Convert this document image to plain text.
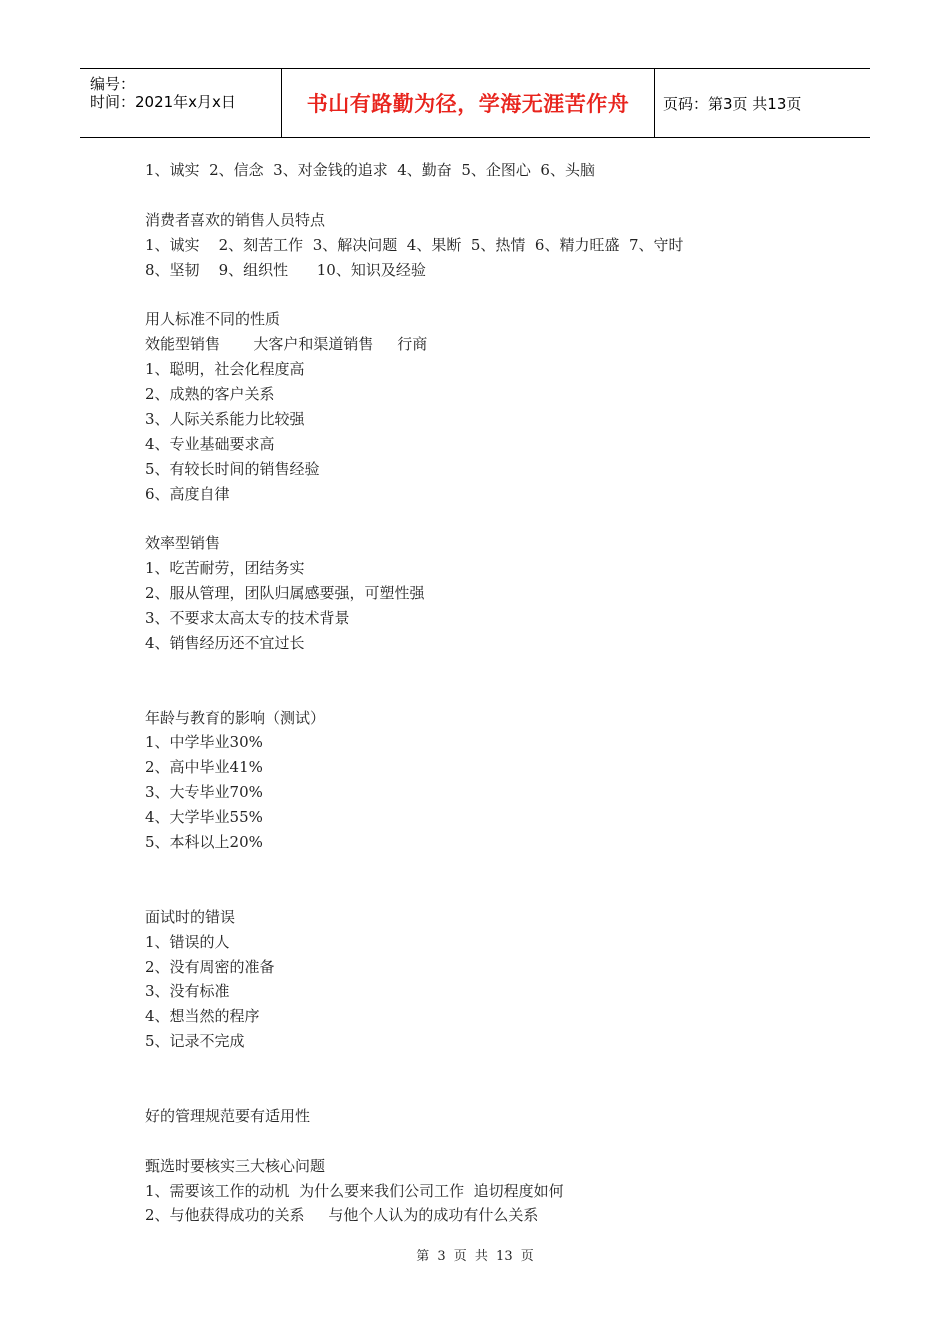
编号：
时间：2021年x月x日	书山有路勤为径，学海无涯苦作舟	页码：第3页 共13页
1、诚实  2、信念  3、对金钱的追求  4、勤奋  5、企图心  6、头脑
消费者喜欢的销售人员特点
1、诚实    2、刻苦工作  3、解决问题  4、果断  5、热情  6、精力旺盛  7、守时
8、坚韧    9、组织性      10、知识及经验
用人标准不同的性质
效能型销售       大客户和渠道销售     行商
1、聪明，社会化程度高
2、成熟的客户关系
3、人际关系能力比较强
4、专业基础要求高
5、有较长时间的销售经验
6、高度自律
效率型销售
1、吃苦耐劳，团结务实
2、服从管理，团队归属感要强，可塑性强
3、不要求太高太专的技术背景
4、销售经历还不宜过长
年龄与教育的影响（测试）
1、中学毕业30%
2、高中毕业41%
3、大专毕业70%
4、大学毕业55%
5、本科以上20%
面试时的错误
1、错误的人
2、没有周密的准备
3、没有标准
4、想当然的程序
5、记录不完成
好的管理规范要有适用性
甄选时要核实三大核心问题
1、需要该工作的动机  为什么要来我们公司工作  追切程度如何
2、与他获得成功的关系     与他个人认为的成功有什么关系
第 3 页 共 13 页
